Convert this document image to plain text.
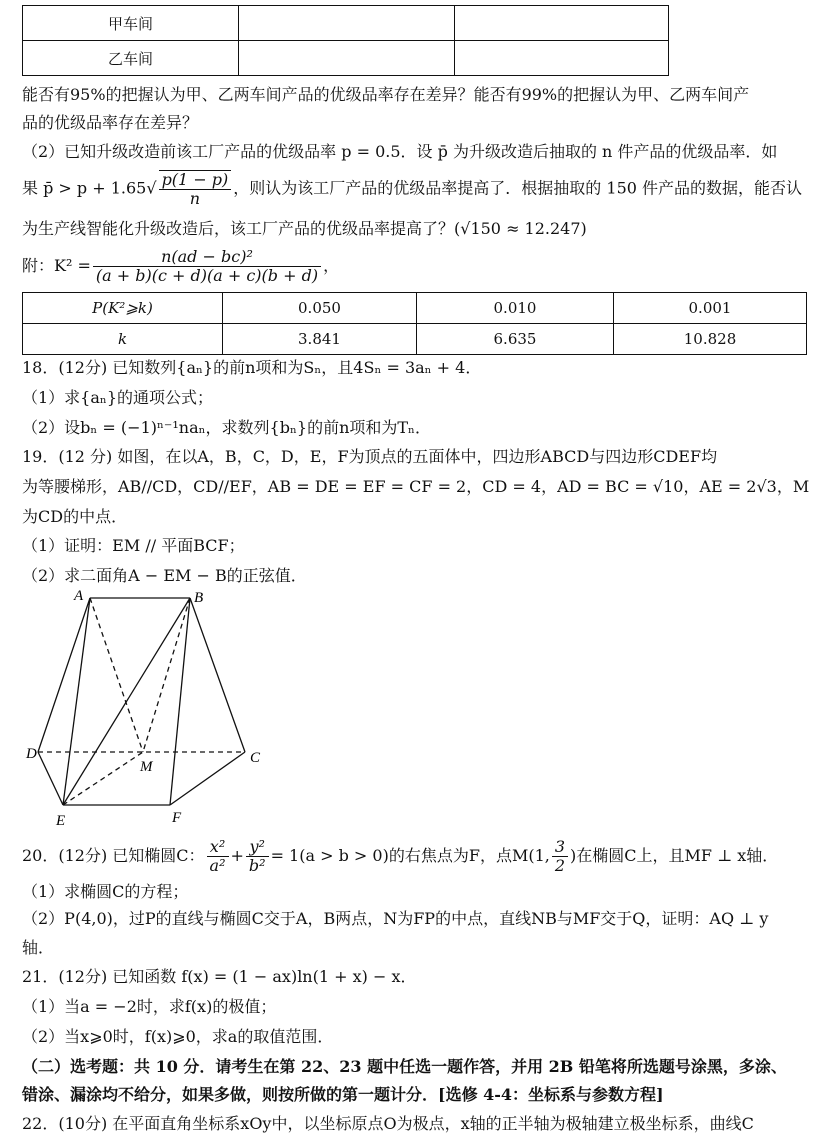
甲车间		
乙车间		
能否有95%的把握认为甲、乙两车间产品的优级品率存在差异？能否有99%的把握认为甲、乙两车间产
品的优级品率存在差异？
（2）已知升级改造前该工厂产品的优级品率 p = 0.5．设 p̄ 为升级改造后抽取的 n 件产品的优级品率．如
果 p̄ > $p + 1.65√ \frac{p(1 - p)}{n}$ ，则认为该工厂产品的优级品率提高了．根据抽取的 150 件产品的数据，能否认
为生产线智能化升级改造后，该工厂产品的优级品率提高了？(√150 ≈ 12.247)
附：$K^2 = \frac{\text{n(ad − bc)²}}{(a + b)(c + d)(a + c)(b + d)}$ ，
P(K²⩾k)	0.050	0.010	0.001
k	3.841	6.635	10.828
18．(12分) 已知数列{aₙ}的前n项和为Sₙ，且4Sₙ = 3aₙ + 4．
（1）求{aₙ}的通项公式；
（2）设bₙ = (−1)ⁿ⁻¹naₙ，求数列{bₙ}的前n项和为Tₙ．
19．(12 分) 如图，在以A，B，C，D，E，F为顶点的五面体中，四边形ABCD与四边形CDEF均
为等腰梯形，AB//CD，CD//EF，AB = DE = EF = CF = 2，CD = 4，AD = BC = √10，AE = 2√3，M
为CD的中点．
（1）证明：EM // 平面BCF；
（2）求二面角A − EM − B的正弦值．
A	B
C
D
E	F
M
20．(12分) 已知椭圆C： $\frac{\text{x²}}{\text{a²}} + \frac{\text{y²}}{\text{b²}} = 1(a > b > 0)$的右焦点为F，点M(1, $\frac{3}{2}$ )在椭圆C上，且MF ⊥ x轴．
（1）求椭圆C的方程；
（2）P(4,0)，过P的直线与椭圆C交于A，B两点，N为FP的中点，直线NB与MF交于Q，证明：AQ ⊥ y
轴．
21．(12分) 已知函数 f(x) = (1 − ax)ln(1 + x) − x．
（1）当a = −2时，求f(x)的极值；
（2）当x⩾0时，f(x)⩾0，求a的取值范围．
（二）选考题：共 10 分．请考生在第 22、23 题中任选一题作答，并用 2B 铅笔将所选题号涂黑，多涂、
错涂、漏涂均不给分，如果多做，则按所做的第一题计分．[选修 4-4：坐标系与参数方程]
22．(10分) 在平面直角坐标系xOy中，以坐标原点O为极点，x轴的正半轴为极轴建立极坐标系，曲线C
